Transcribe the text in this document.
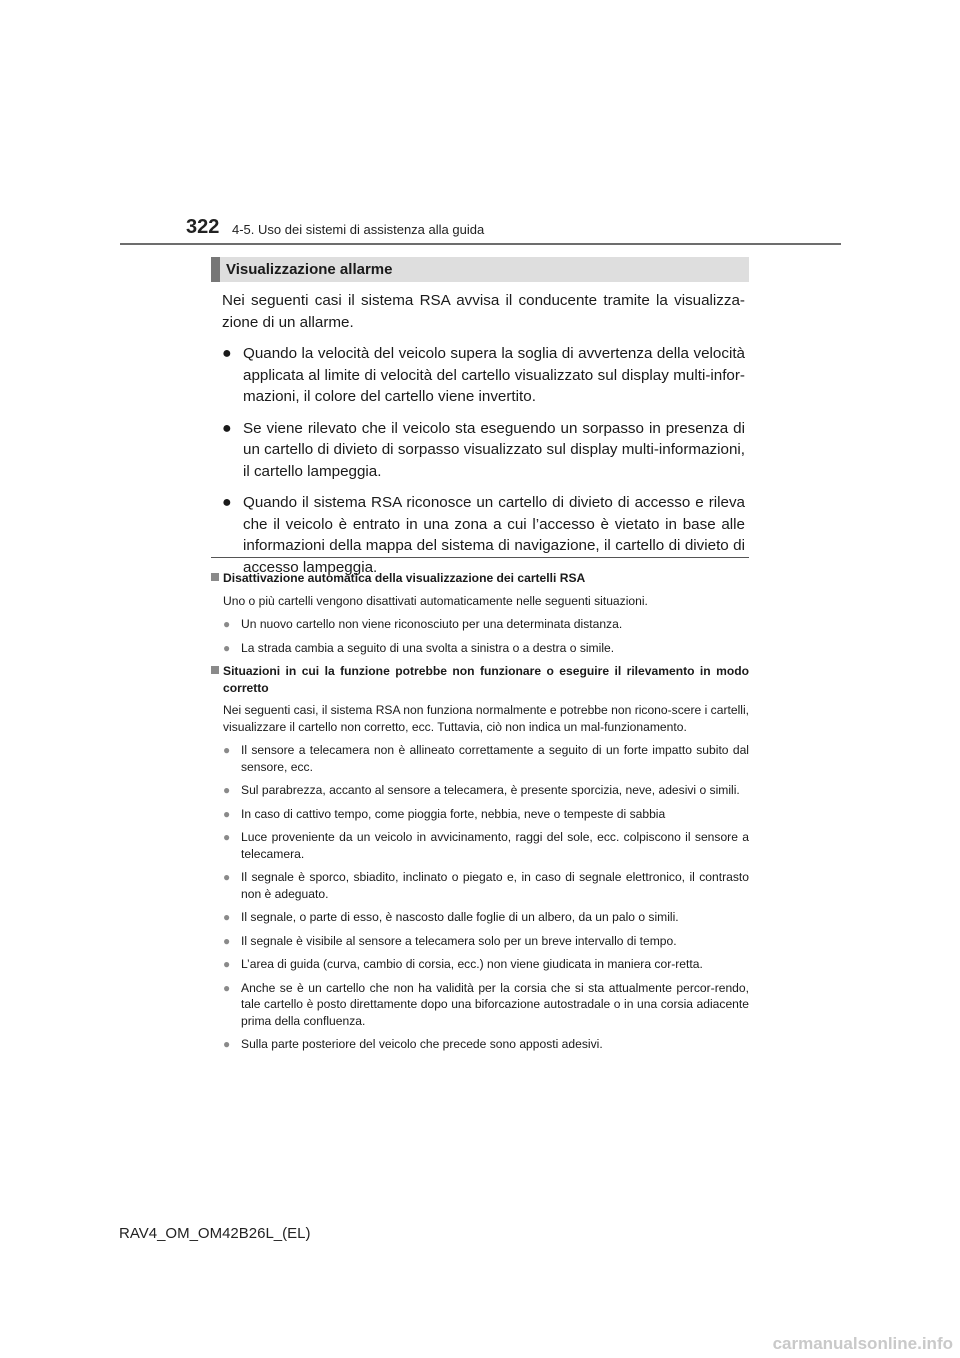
322 4-5. Uso dei sistemi di assistenza alla guida
Visualizzazione allarme

Nei seguenti casi il sistema RSA avvisa il conducente tramite la visualizza-zione di un allarme.

● Quando la velocità del veicolo supera la soglia di avvertenza della velocità applicata al limite di velocità del cartello visualizzato sul display multi-infor-mazioni, il colore del cartello viene invertito.
● Se viene rilevato che il veicolo sta eseguendo un sorpasso in presenza di un cartello di divieto di sorpasso visualizzato sul display multi-informazioni, il cartello lampeggia.
● Quando il sistema RSA riconosce un cartello di divieto di accesso e rileva che il veicolo è entrato in una zona a cui l’accesso è vietato in base alle informazioni della mappa del sistema di navigazione, il cartello di divieto di accesso lampeggia.
Disattivazione automatica della visualizzazione dei cartelli RSA
Uno o più cartelli vengono disattivati automaticamente nelle seguenti situazioni.
● Un nuovo cartello non viene riconosciuto per una determinata distanza.
● La strada cambia a seguito di una svolta a sinistra o a destra o simile.
Situazioni in cui la funzione potrebbe non funzionare o eseguire il rilevamento in modo corretto
Nei seguenti casi, il sistema RSA non funziona normalmente e potrebbe non ricono-scere i cartelli, visualizzare il cartello non corretto, ecc. Tuttavia, ciò non indica un mal-funzionamento.
● Il sensore a telecamera non è allineato correttamente a seguito di un forte impatto subito dal sensore, ecc.
● Sul parabrezza, accanto al sensore a telecamera, è presente sporcizia, neve, adesivi o simili.
● In caso di cattivo tempo, come pioggia forte, nebbia, neve o tempeste di sabbia
● Luce proveniente da un veicolo in avvicinamento, raggi del sole, ecc. colpiscono il sensore a telecamera.
● Il segnale è sporco, sbiadito, inclinato o piegato e, in caso di segnale elettronico, il contrasto non è adeguato.
● Il segnale, o parte di esso, è nascosto dalle foglie di un albero, da un palo o simili.
● Il segnale è visibile al sensore a telecamera solo per un breve intervallo di tempo.
● L’area di guida (curva, cambio di corsia, ecc.) non viene giudicata in maniera cor-retta.
● Anche se è un cartello che non ha validità per la corsia che si sta attualmente percor-rendo, tale cartello è posto direttamente dopo una biforcazione autostradale o in una corsia adiacente prima della confluenza.
● Sulla parte posteriore del veicolo che precede sono apposti adesivi.
RAV4_OM_OM42B26L_(EL)
carmanualsonline.info
